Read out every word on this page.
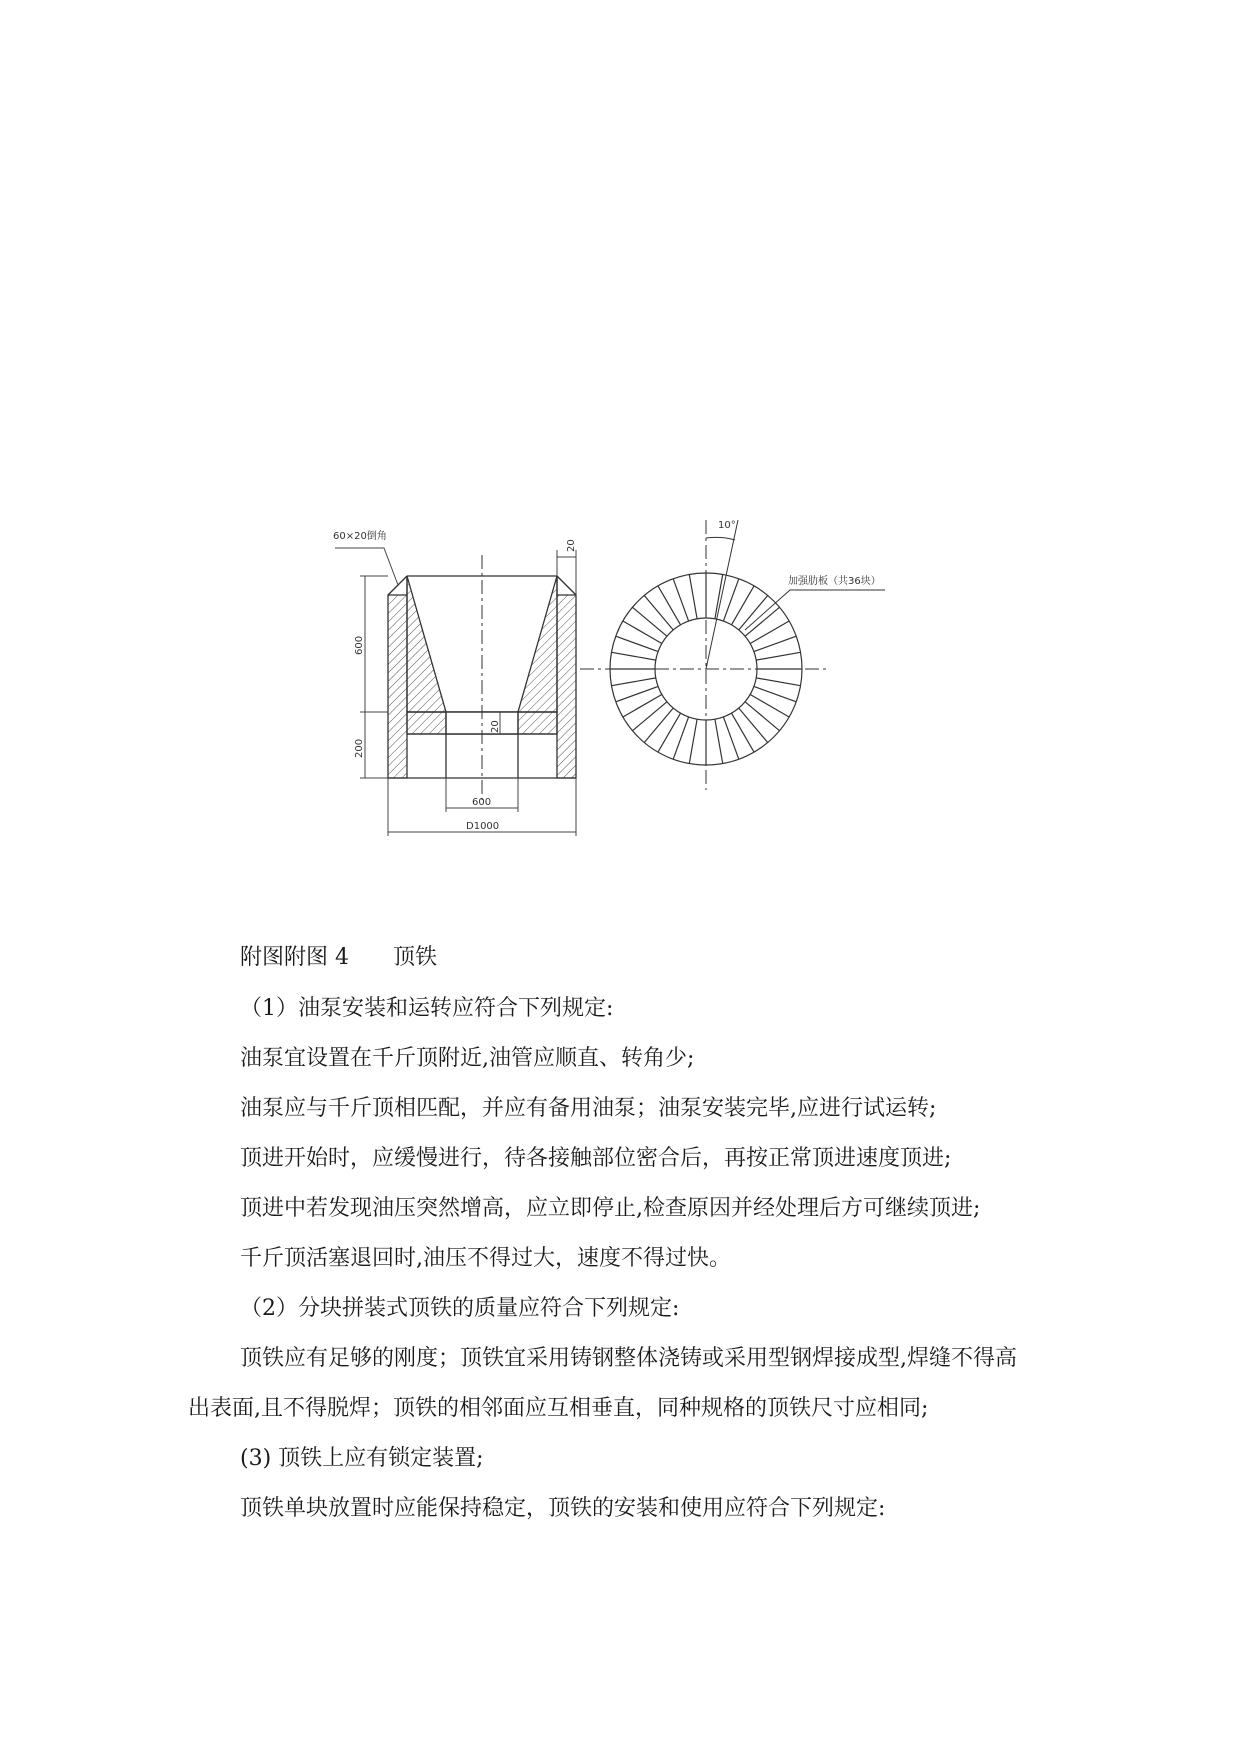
60×20倒角
20
600
200
20
600
D1000
10°
加强肋板（共36块）
附图附图 4　　顶铁
（1）油泵安装和运转应符合下列规定:
油泵宜设置在千斤顶附近,油管应顺直、转角少;
油泵应与千斤顶相匹配，并应有备用油泵；油泵安装完毕,应进行试运转;
顶进开始时，应缓慢进行，待各接触部位密合后，再按正常顶进速度顶进;
顶进中若发现油压突然增高，应立即停止,检查原因并经处理后方可继续顶进;
千斤顶活塞退回时,油压不得过大，速度不得过快。
（2）分块拼装式顶铁的质量应符合下列规定:
顶铁应有足够的刚度；顶铁宜采用铸钢整体浇铸或采用型钢焊接成型,焊缝不得高
出表面,且不得脱焊；顶铁的相邻面应互相垂直，同种规格的顶铁尺寸应相同;
(3) 顶铁上应有锁定装置;
顶铁单块放置时应能保持稳定，顶铁的安装和使用应符合下列规定:
